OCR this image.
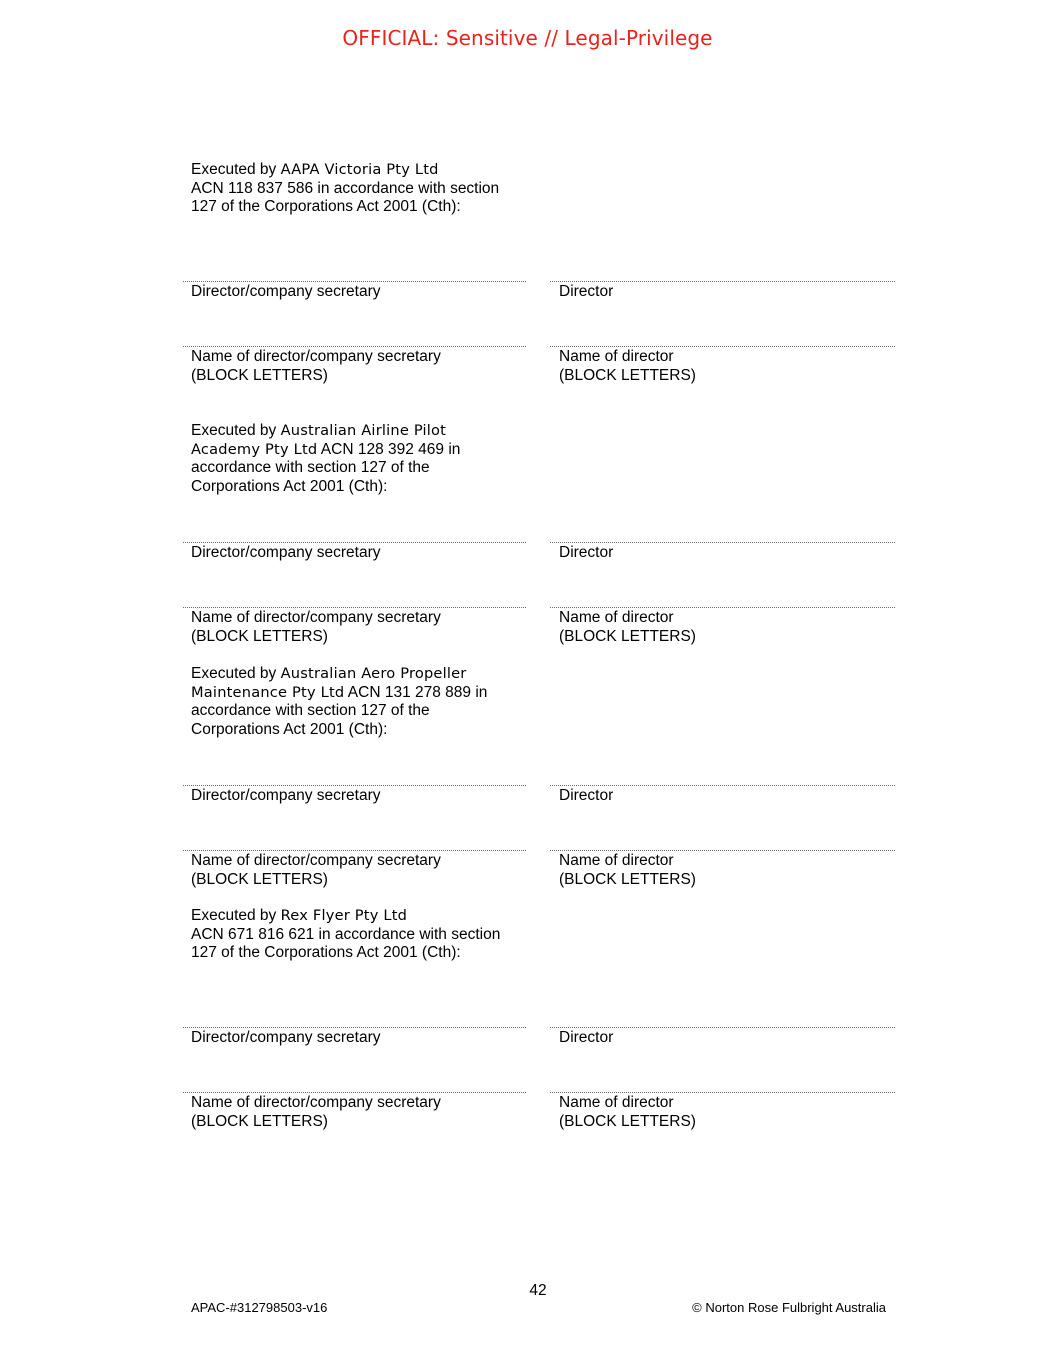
OFFICIAL: Sensitive // Legal-Privilege
Executed by AAPA Victoria Pty Ltd
ACN 118 837 586 in accordance with section 127 of the Corporations Act 2001 (Cth):
Director/company secretary	Director
Name of director/company secretary (BLOCK LETTERS)
Name of director (BLOCK LETTERS)
Executed by Australian Airline Pilot Academy Pty Ltd ACN 128 392 469 in accordance with section 127 of the Corporations Act 2001 (Cth):
Director/company secretary	Director
Name of director/company secretary (BLOCK LETTERS)
Name of director (BLOCK LETTERS)
Executed by Australian Aero Propeller Maintenance Pty Ltd ACN 131 278 889 in accordance with section 127 of the Corporations Act 2001 (Cth):
Director/company secretary	Director
Name of director/company secretary (BLOCK LETTERS)
Name of director (BLOCK LETTERS)
Executed by Rex Flyer Pty Ltd
ACN 671 816 621 in accordance with section 127 of the Corporations Act 2001 (Cth):
Director/company secretary	Director
Name of director/company secretary (BLOCK LETTERS)
Name of director (BLOCK LETTERS)
42
APAC-#312798503-v16	© Norton Rose Fulbright Australia
